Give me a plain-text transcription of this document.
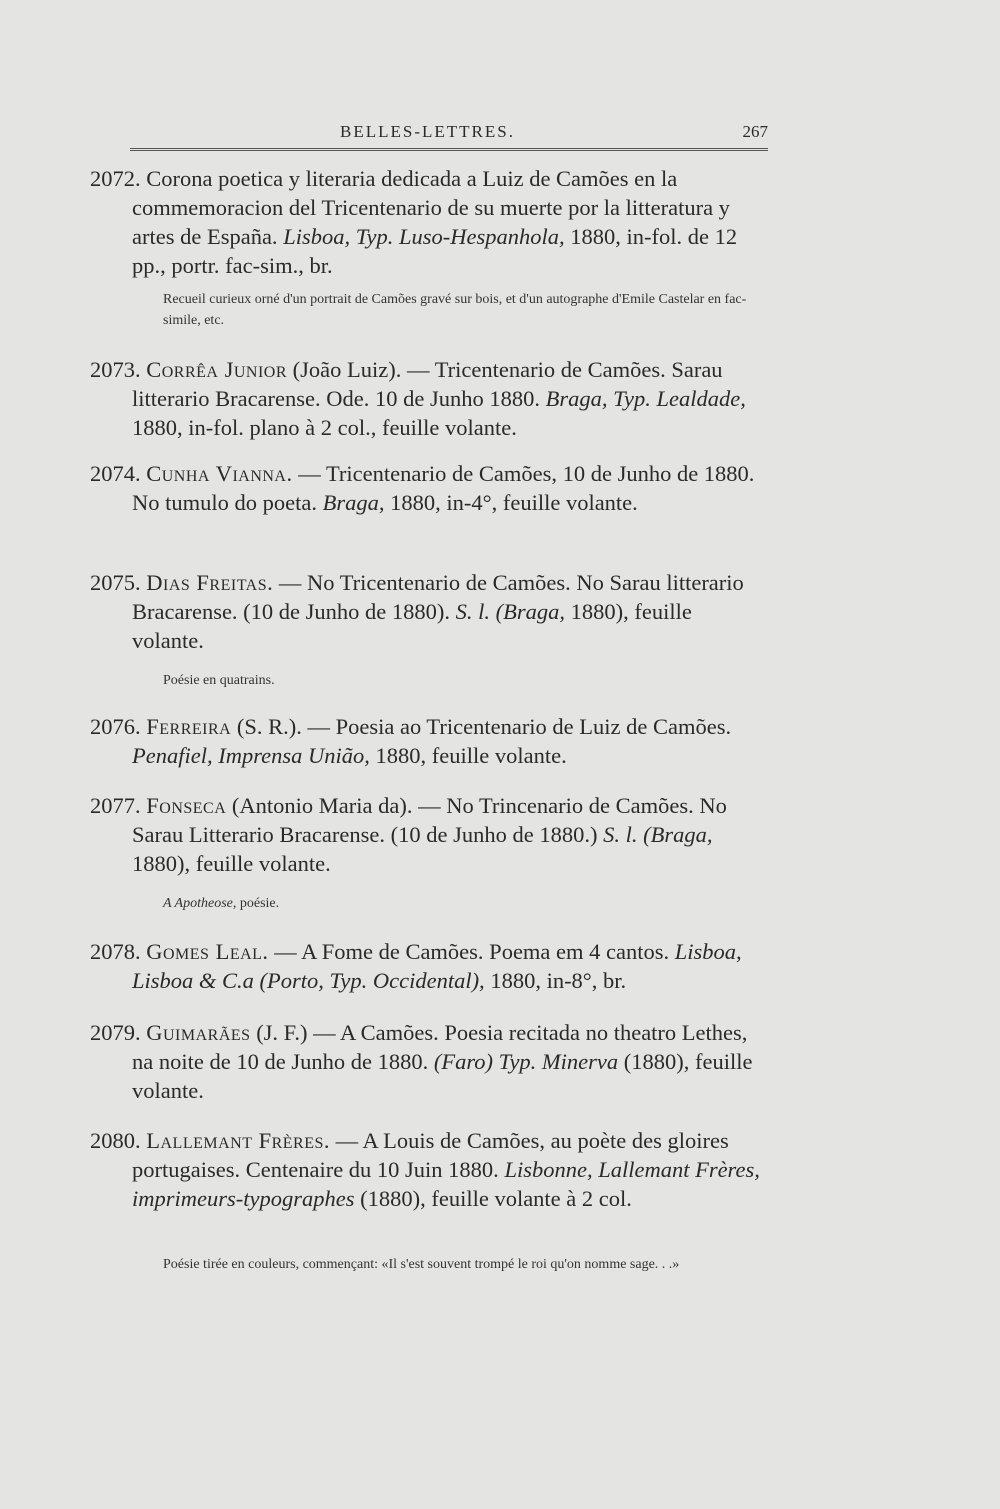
BELLES-LETTRES.	267
2072. Corona poetica y literaria dedicada a Luiz de Camões en la commemoracion del Tricentenario de su muerte por la litteratura y artes de España. Lisboa, Typ. Luso-Hespanhola, 1880, in-fol. de 12 pp., portr. fac-sim., br.
Recueil curieux orné d'un portrait de Camões gravé sur bois, et d'un autographe d'Emile Castelar en fac-simile, etc.
2073. Corrêa Junior (João Luiz). — Tricentenario de Camões. Sarau litterario Bracarense. Ode. 10 de Junho 1880. Braga, Typ. Lealdade, 1880, in-fol. plano à 2 col., feuille volante.
2074. Cunha Vianna. — Tricentenario de Camões, 10 de Junho de 1880. No tumulo do poeta. Braga, 1880, in-4°, feuille volante.
2075. Dias Freitas. — No Tricentenario de Camões. No Sarau litterario Bracarense. (10 de Junho de 1880). S. l. (Braga, 1880), feuille volante.
Poésie en quatrains.
2076. Ferreira (S. R.). — Poesia ao Tricentenario de Luiz de Camões. Penafiel, Imprensa União, 1880, feuille volante.
2077. Fonseca (Antonio Maria da). — No Trincenario de Camões. No Sarau Litterario Bracarense. (10 de Junho de 1880.) S. l. (Braga, 1880), feuille volante.
A Apotheose, poésie.
2078. Gomes Leal. — A Fome de Camões. Poema em 4 cantos. Lisboa, Lisboa & C.a (Porto, Typ. Occidental), 1880, in-8°, br.
2079. Guimarães (J. F.) — A Camões. Poesia recitada no theatro Lethes, na noite de 10 de Junho de 1880. (Faro) Typ. Minerva (1880), feuille volante.
2080. Lallemant Frères. — A Louis de Camões, au poète des gloires portugaises. Centenaire du 10 Juin 1880. Lisbonne, Lallemant Frères, imprimeurs-typographes (1880), feuille volante à 2 col.
Poésie tirée en couleurs, commençant: «Il s'est souvent trompé le roi qu'on nomme sage. . .»
